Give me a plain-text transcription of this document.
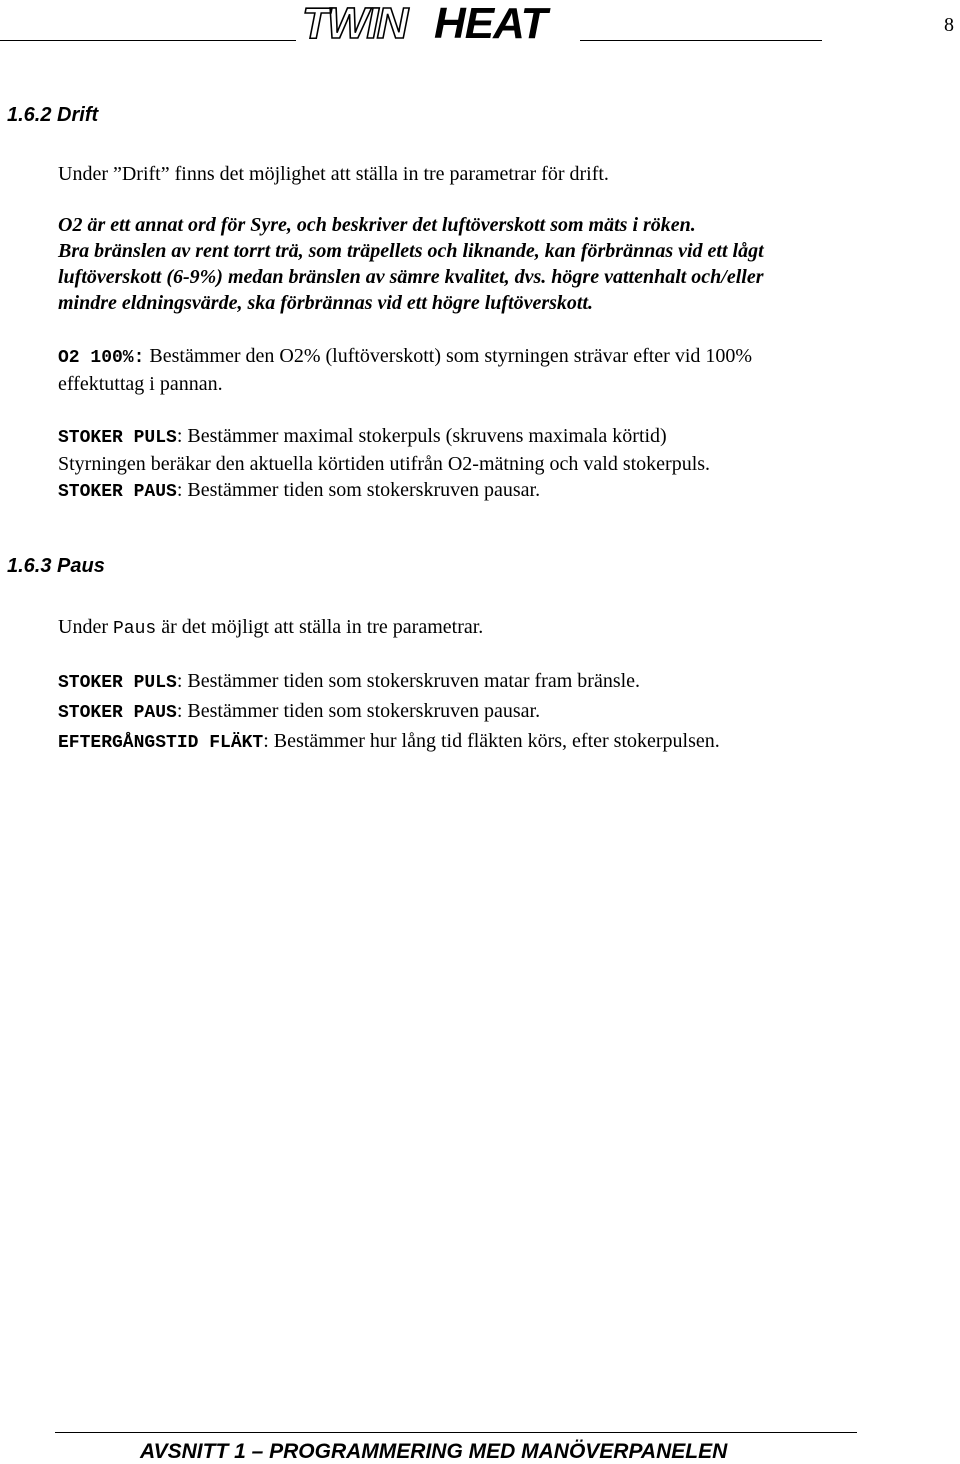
TWIN HEAT	8
1.6.2 Drift
Under ”Drift” finns det möjlighet att ställa in tre parametrar för drift.
O2 är ett annat ord för Syre, och beskriver det luftöverskott som mäts i röken.
Bra bränslen av rent torrt trä, som träpellets och liknande, kan förbrännas vid ett lågt
luftöverskott (6-9%) medan bränslen av sämre kvalitet, dvs. högre vattenhalt och/eller
mindre eldningsvärde, ska förbrännas vid ett högre luftöverskott.
O2 100%: Bestämmer den O2% (luftöverskott) som styrningen strävar efter vid 100%
effektuttag i pannan.
STOKER PULS: Bestämmer maximal stokerpuls (skruvens maximala körtid)
Styrningen beräkar den aktuella körtiden utifrån O2-mätning och vald stokerpuls.
STOKER PAUS: Bestämmer tiden som stokerskruven pausar.
1.6.3 Paus
Under Paus är det möjligt att ställa in tre parametrar.
STOKER PULS: Bestämmer tiden som stokerskruven matar fram bränsle.
STOKER PAUS: Bestämmer tiden som stokerskruven pausar.
EFTERGÅNGSTID FLÄKT: Bestämmer hur lång tid fläkten körs, efter stokerpulsen.
AVSNITT 1 – PROGRAMMERING MED MANÖVERPANELEN
